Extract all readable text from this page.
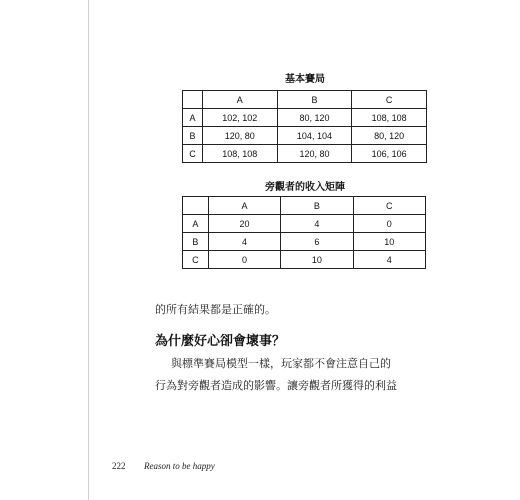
基本賽局
	A	B	C
A	102, 102	80, 120	108, 108
B	120, 80	104, 104	80, 120
C	108, 108	120, 80	106, 106
旁觀者的收入矩陣
	A	B	C
A	20	4	0
B	4	6	10
C	0	10	4
的所有結果都是正確的。
為什麼好心卻會壞事？
與標準賽局模型一樣，玩家都不會注意自己的
行為對旁觀者造成的影響。讓旁觀者所獲得的利益
222 Reason to be happy
